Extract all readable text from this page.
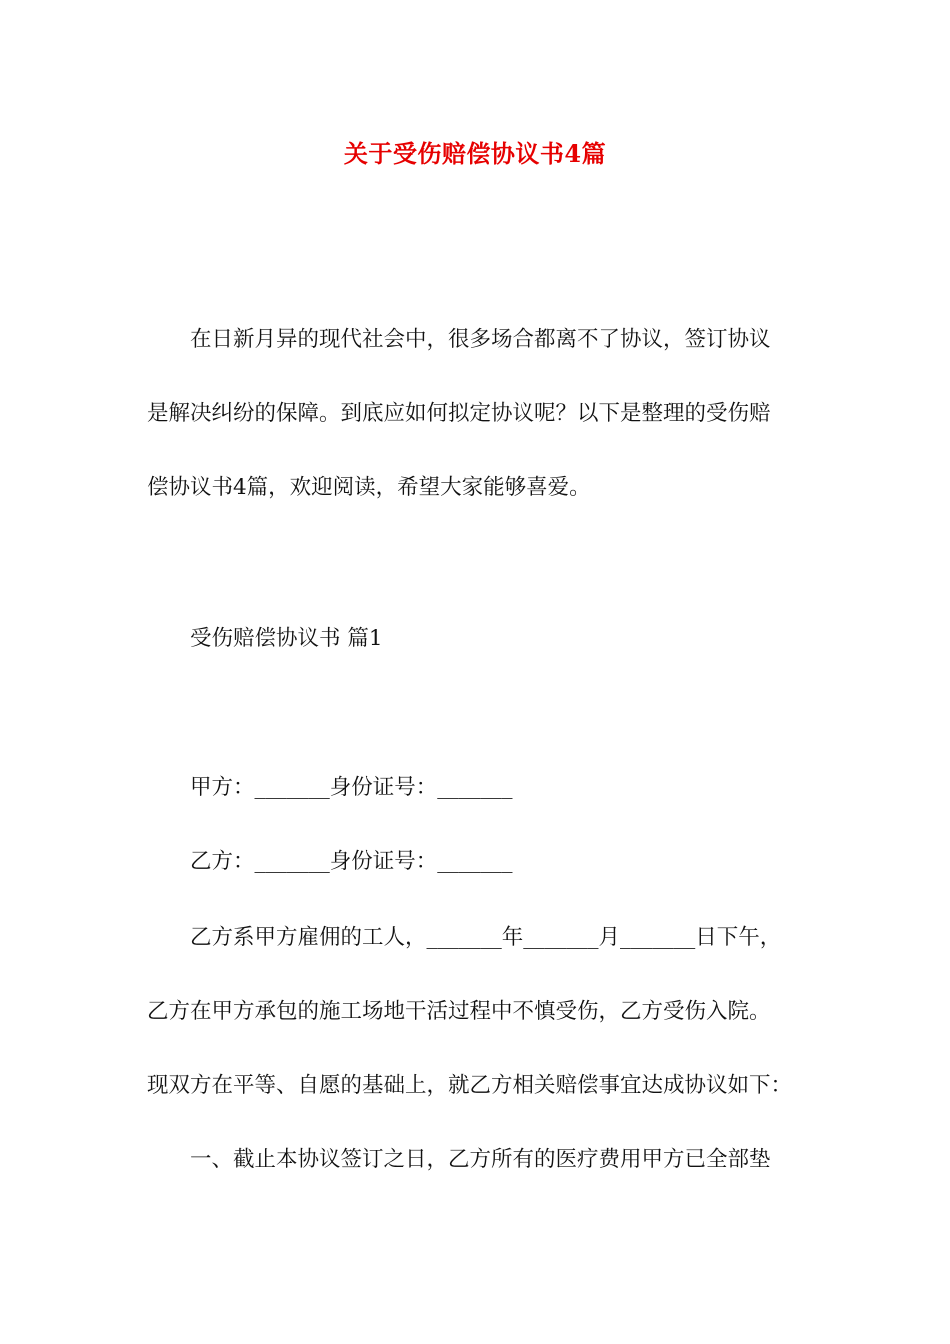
关于受伤赔偿协议书4篇
在日新月异的现代社会中，很多场合都离不了协议，签订协议
是解决纠纷的保障。到底应如何拟定协议呢？以下是整理的受伤赔
偿协议书4篇，欢迎阅读，希望大家能够喜爱。
受伤赔偿协议书 篇1
甲方：_______身份证号：_______
乙方：_______身份证号：_______
乙方系甲方雇佣的工人，_______年_______月_______日下午，
乙方在甲方承包的施工场地干活过程中不慎受伤，乙方受伤入院。
现双方在平等、自愿的基础上，就乙方相关赔偿事宜达成协议如下：
一、截止本协议签订之日，乙方所有的医疗费用甲方已全部垫
